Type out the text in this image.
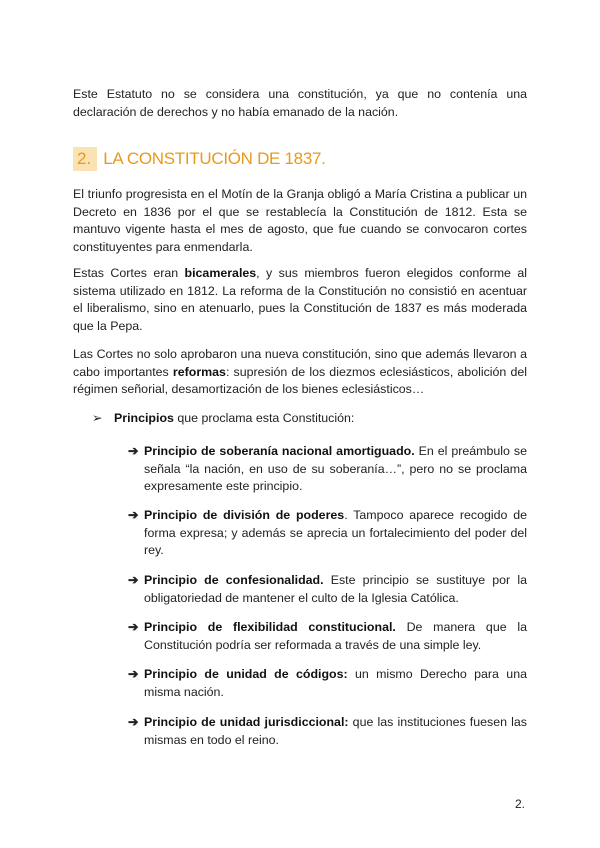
Este Estatuto no se considera una constitución, ya que no contenía una declaración de derechos y no había emanado de la nación.

2. LA CONSTITUCIÓN DE 1837.

El triunfo progresista en el Motín de la Granja obligó a María Cristina a publicar un Decreto en 1836 por el que se restablecía la Constitución de 1812. Esta se mantuvo vigente hasta el mes de agosto, que fue cuando se convocaron cortes constituyentes para enmendarla.

Estas Cortes eran bicamerales, y sus miembros fueron elegidos conforme al sistema utilizado en 1812. La reforma de la Constitución no consistió en acentuar el liberalismo, sino en atenuarlo, pues la Constitución de 1837 es más moderada que la Pepa.

Las Cortes no solo aprobaron una nueva constitución, sino que además llevaron a cabo importantes reformas: supresión de los diezmos eclesiásticos, abolición del régimen señorial, desamortización de los bienes eclesiásticos…

➢ Principios que proclama esta Constitución:
➔ Principio de soberanía nacional amortiguado. En el preámbulo se señala “la nación, en uso de su soberanía…”, pero no se proclama expresamente este principio.
➔ Principio de división de poderes. Tampoco aparece recogido de forma expresa; y además se aprecia un fortalecimiento del poder del rey.
➔ Principio de confesionalidad. Este principio se sustituye por la obligatoriedad de mantener el culto de la Iglesia Católica.
➔ Principio de flexibilidad constitucional. De manera que la Constitución podría ser reformada a través de una simple ley.
➔ Principio de unidad de códigos: un mismo Derecho para una misma nación.
➔ Principio de unidad jurisdiccional: que las instituciones fuesen las mismas en todo el reino.
2.
